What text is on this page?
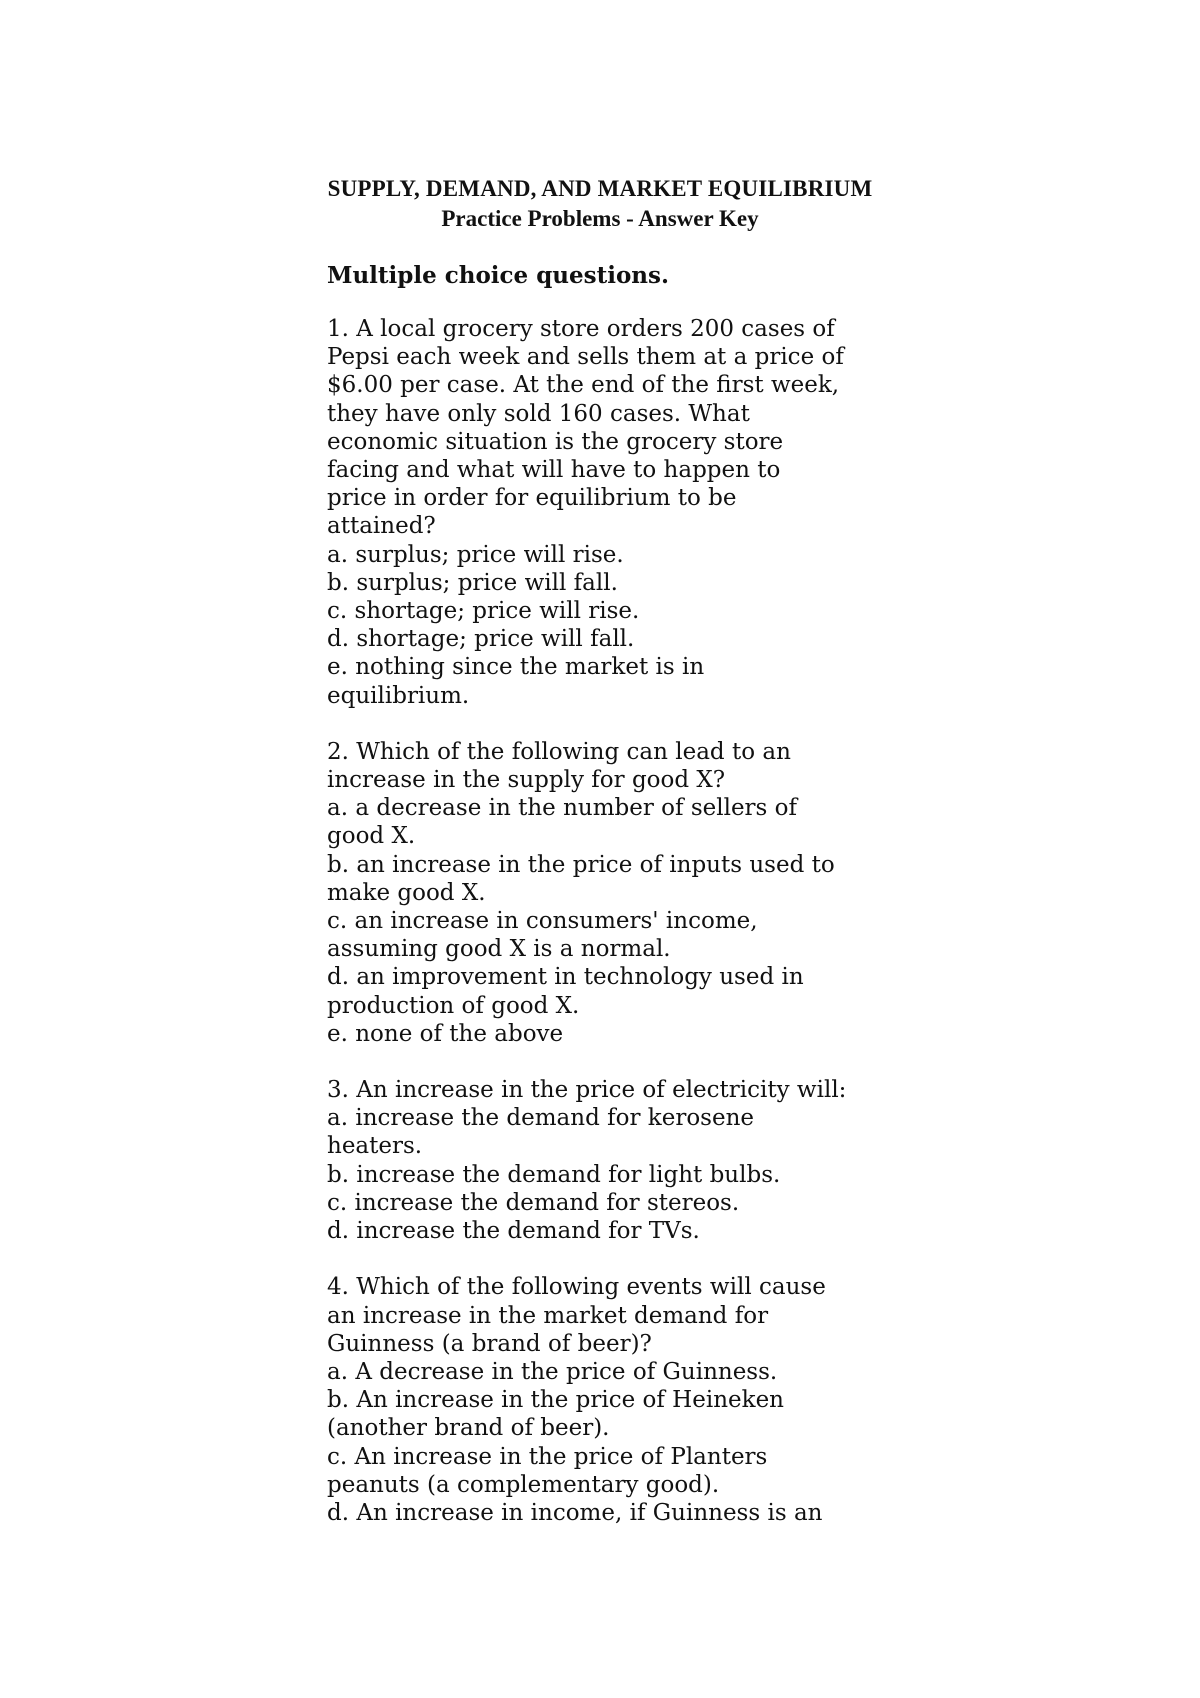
SUPPLY, DEMAND, AND MARKET EQUILIBRIUM

Practice Problems - Answer Key

Multiple choice questions.

1. A local grocery store orders 200 cases of
Pepsi each week and sells them at a price of
$6.00 per case. At the end of the first week,
they have only sold 160 cases. What
economic situation is the grocery store
facing and what will have to happen to
price in order for equilibrium to be
attained?
a. surplus; price will rise.
b. surplus; price will fall.
c. shortage; price will rise.
d. shortage; price will fall.
e. nothing since the market is in
equilibrium.
2. Which of the following can lead to an
increase in the supply for good X?
a. a decrease in the number of sellers of
good X.
b. an increase in the price of inputs used to
make good X.
c. an increase in consumers' income,
assuming good X is a normal.
d. an improvement in technology used in
production of good X.
e. none of the above
3. An increase in the price of electricity will:
a. increase the demand for kerosene
heaters.
b. increase the demand for light bulbs.
c. increase the demand for stereos.
d. increase the demand for TVs.
4. Which of the following events will cause
an increase in the market demand for
Guinness (a brand of beer)?
a. A decrease in the price of Guinness.
b. An increase in the price of Heineken
(another brand of beer).
c. An increase in the price of Planters
peanuts (a complementary good).
d. An increase in income, if Guinness is an
